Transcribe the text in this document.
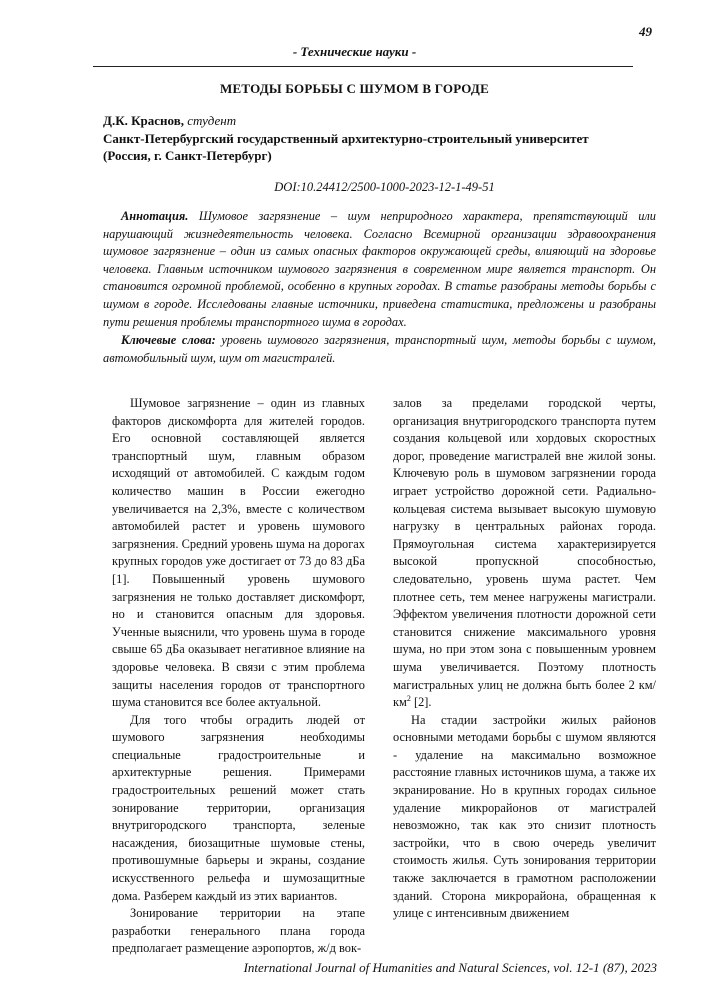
49
- Технические науки -
МЕТОДЫ БОРЬБЫ С ШУМОМ В ГОРОДЕ
Д.К. Краснов, студент
Санкт-Петербургский государственный архитектурно-строительный университет
(Россия, г. Санкт-Петербург)
DOI:10.24412/2500-1000-2023-12-1-49-51

Аннотация. Шумовое загрязнение – шум неприродного характера, препятствующий или нарушающий жизнедеятельность человека. Согласно Всемирной организации здравоохранения шумовое загрязнение – один из самых опасных факторов окружающей среды, влияющий на здоровье человека. Главным источником шумового загрязнения в современном мире является транспорт. Он становится огромной проблемой, особенно в крупных городах. В статье разобраны методы борьбы с шумом в городе. Исследованы главные источники, приведена статистика, предложены и разобраны пути решения проблемы транспортного шума в городах.

Ключевые слова: уровень шумового загрязнения, транспортный шум, методы борьбы с шумом, автомобильный шум, шум от магистралей.

Шумовое загрязнение – один из главных факторов дискомфорта для жителей городов. Его основной составляющей является транспортный шум, главным образом исходящий от автомобилей. С каждым годом количество машин в России ежегодно увеличивается на 2,3%, вместе с количеством автомобилей растет и уровень шумового загрязнения. Средний уровень шума на дорогах крупных городов уже достигает от 73 до 83 дБа [1]. Повышенный уровень шумового загрязнения не только доставляет дискомфорт, но и становится опасным для здоровья. Ученные выяснили, что уровень шума в городе свыше 65 дБа оказывает негативное влияние на здоровье человека. В связи с этим проблема защиты населения городов от транспортного шума становится все более актуальной.

Для того чтобы оградить людей от шумового загрязнения необходимы специальные градостроительные и архитектурные решения. Примерами градостроительных решений может стать зонирование территории, организация внутригородского транспорта, зеленые насаждения, биозащитные шумовые стены, противошумные барьеры и экраны, создание искусственного рельефа и шумозащитные дома. Разберем каждый из этих вариантов.

Зонирование территории на этапе разработки генерального плана города предполагает размещение аэропортов, ж/д вок-

залов за пределами городской черты, организация внутригородского транспорта путем создания кольцевой или хордовых скоростных дорог, проведение магистралей вне жилой зоны. Ключевую роль в шумовом загрязнении города играет устройство дорожной сети. Радиально-кольцевая система вызывает высокую шумовую нагрузку в центральных районах города. Прямоугольная система характеризируется высокой пропускной способностью, следовательно, уровень шума растет. Чем плотнее сеть, тем менее нагружены магистрали. Эффектом увеличения плотности дорожной сети становится снижение максимального уровня шума, но при этом зона с повышенным уровнем шума увеличивается. Поэтому плотность магистральных улиц не должна быть более 2 $км/км^2$ [2].

На стадии застройки жилых районов основными методами борьбы с шумом являются - удаление на максимально возможное расстояние главных источников шума, а также их экранирование. Но в крупных городах сильное удаление микрорайонов от магистралей невозможно, так как это снизит плотность застройки, что в свою очередь увеличит стоимость жилья. Суть зонирования территории также заключается в грамотном расположении зданий. Сторона микрорайона, обращенная к улице с интенсивным движением

International Journal of Humanities and Natural Sciences, vol. 12-1 (87), 2023
